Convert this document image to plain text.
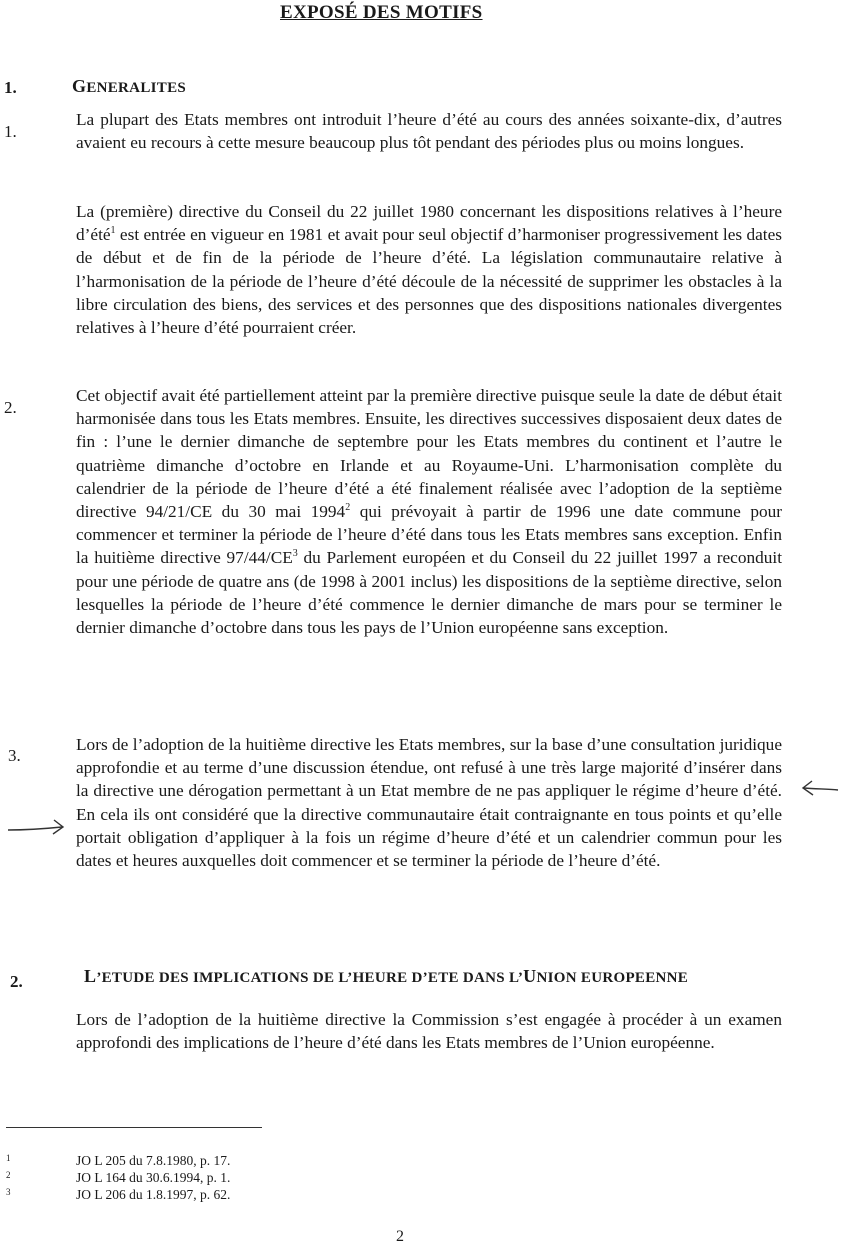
EXPOSÉ DES MOTIFS
1.	GENERALITES
1.

La plupart des Etats membres ont introduit l’heure d’été au cours des années soixante-dix, d’autres avaient eu recours à cette mesure beaucoup plus tôt pendant des périodes plus ou moins longues.

La (première) directive du Conseil du 22 juillet 1980 concernant les dispositions relatives à l’heure d’été$^1$ est entrée en vigueur en 1981 et avait pour seul objectif d’harmoniser progressivement les dates de début et de fin de la période de l’heure d’été. La législation communautaire relative à l’harmonisation de la période de l’heure d’été découle de la nécessité de supprimer les obstacles à la libre circulation des biens, des services et des personnes que des dispositions nationales divergentes relatives à l’heure d’été pourraient créer.

2.

Cet objectif avait été partiellement atteint par la première directive puisque seule la date de début était harmonisée dans tous les Etats membres. Ensuite, les directives successives disposaient deux dates de fin : l’une le dernier dimanche de septembre pour les Etats membres du continent et l’autre le quatrième dimanche d’octobre en Irlande et au Royaume-Uni. L’harmonisation complète du calendrier de la période de l’heure d’été a été finalement réalisée avec l’adoption de la septième directive 94/21/CE du 30 mai 1994$^2$ qui prévoyait à partir de 1996 une date commune pour commencer et terminer la période de l’heure d’été dans tous les Etats membres sans exception. Enfin la huitième directive $97/44/CE^3$ du Parlement européen et du Conseil du 22 juillet 1997 a reconduit pour une période de quatre ans (de 1998 à 2001 inclus) les dispositions de la septième directive, selon lesquelles la période de l’heure d’été commence le dernier dimanche de mars pour se terminer le dernier dimanche d’octobre dans tous les pays de l’Union européenne sans exception.

3.

Lors de l’adoption de la huitième directive les Etats membres, sur la base d’une consultation juridique approfondie et au terme d’une discussion étendue, ont refusé à une très large majorité d’insérer dans la directive une dérogation permettant à un Etat membre de ne pas appliquer le régime d’heure d’été. En cela ils ont considéré que la directive communautaire était contraignante en tous points et qu’elle portait obligation d’appliquer à la fois un régime d’heure d’été et un calendrier commun pour les dates et heures auxquelles doit commencer et se terminer la période de l’heure d’été.

2.	L’ETUDE DES IMPLICATIONS DE L’HEURE D’ETE DANS L’UNION EUROPEENNE

Lors de l’adoption de la huitième directive la Commission s’est engagée à procéder à un examen approfondi des implications de l’heure d’été dans les Etats membres de l’Union européenne.

1	JO L 205 du 7.8.1980, p. 17.
2	JO L 164 du 30.6.1994, p. 1.
3	JO L 206 du 1.8.1997, p. 62.
2
